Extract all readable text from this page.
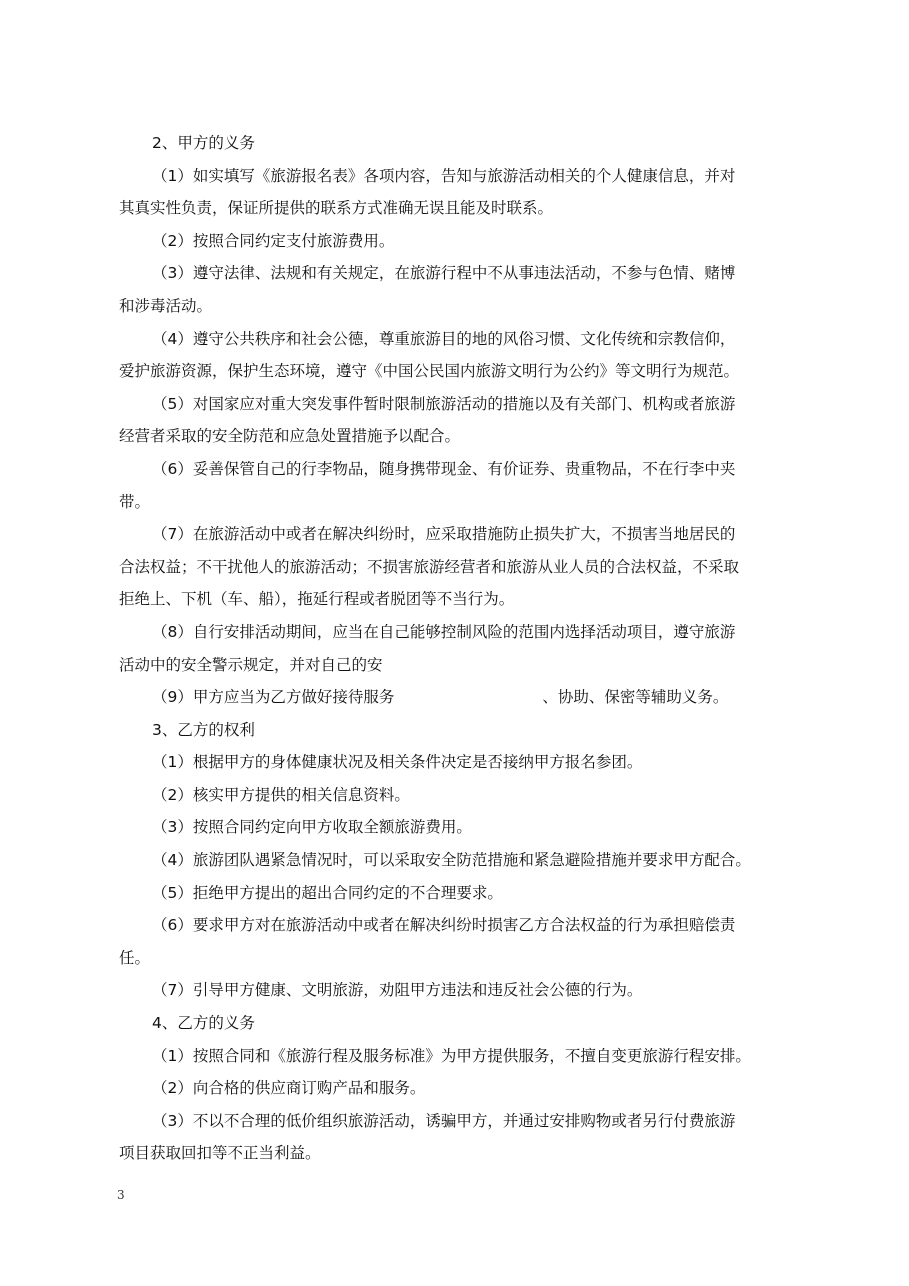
2、甲方的义务
（1）如实填写《旅游报名表》各项内容，告知与旅游活动相关的个人健康信息，并对
其真实性负责，保证所提供的联系方式准确无误且能及时联系。
（2）按照合同约定支付旅游费用。
（3）遵守法律、法规和有关规定，在旅游行程中不从事违法活动，不参与色情、赌博
和涉毒活动。
（4）遵守公共秩序和社会公德，尊重旅游目的地的风俗习惯、文化传统和宗教信仰，
爱护旅游资源，保护生态环境，遵守《中国公民国内旅游文明行为公约》等文明行为规范。
（5）对国家应对重大突发事件暂时限制旅游活动的措施以及有关部门、机构或者旅游
经营者采取的安全防范和应急处置措施予以配合。
（6）妥善保管自己的行李物品，随身携带现金、有价证券、贵重物品，不在行李中夹
带。
（7）在旅游活动中或者在解决纠纷时，应采取措施防止损失扩大，不损害当地居民的
合法权益；不干扰他人的旅游活动；不损害旅游经营者和旅游从业人员的合法权益，不采取
拒绝上、下机（车、船），拖延行程或者脱团等不当行为。
（8）自行安排活动期间，应当在自己能够控制风险的范围内选择活动项目，遵守旅游
活动中的安全警示规定，并对自己的安
（9）甲方应当为乙方做好接待服务	、协助、保密等辅助义务。
3、乙方的权利
（1）根据甲方的身体健康状况及相关条件决定是否接纳甲方报名参团。
（2）核实甲方提供的相关信息资料。
（3）按照合同约定向甲方收取全额旅游费用。
（4）旅游团队遇紧急情况时，可以采取安全防范措施和紧急避险措施并要求甲方配合。
（5）拒绝甲方提出的超出合同约定的不合理要求。
（6）要求甲方对在旅游活动中或者在解决纠纷时损害乙方合法权益的行为承担赔偿责
任。
（7）引导甲方健康、文明旅游，劝阻甲方违法和违反社会公德的行为。
4、乙方的义务
（1）按照合同和《旅游行程及服务标准》为甲方提供服务，不擅自变更旅游行程安排。
（2）向合格的供应商订购产品和服务。
（3）不以不合理的低价组织旅游活动，诱骗甲方，并通过安排购物或者另行付费旅游
项目获取回扣等不正当利益。
3
